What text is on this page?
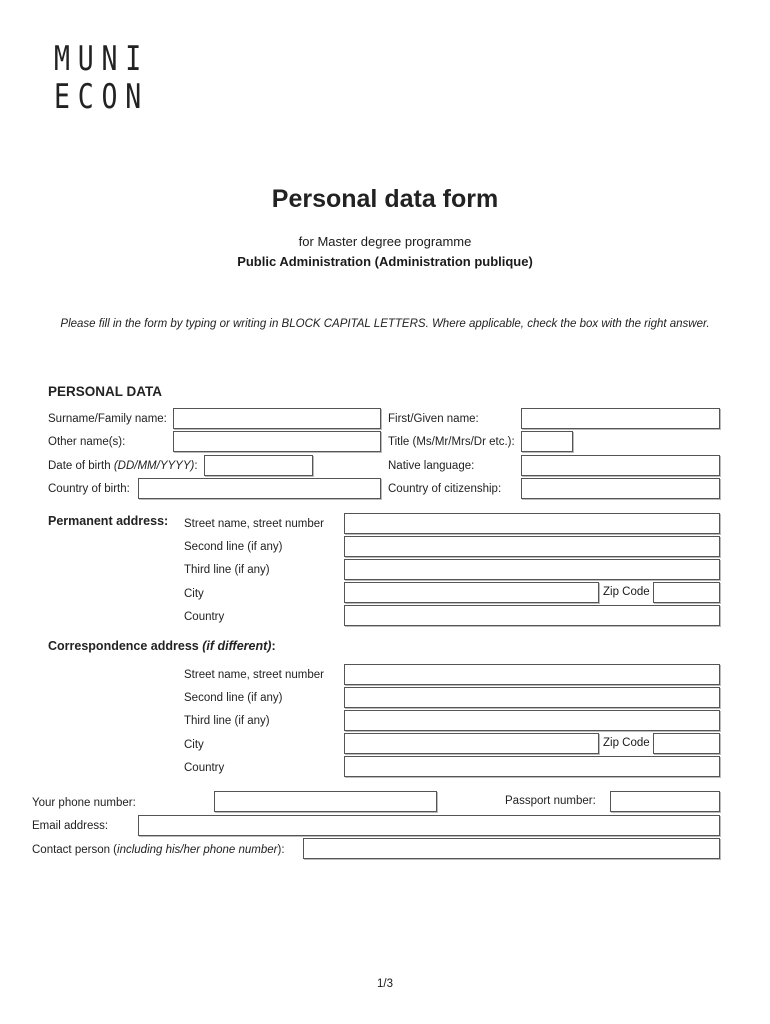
MUNI
ECON
Personal data form
for Master degree programme
Public Administration (Administration publique)
Please fill in the form by typing or writing in BLOCK CAPITAL LETTERS. Where applicable, check the box with the right answer.
PERSONAL DATA
Surname/Family name:	First/Given name:
Other name(s):	Title (Ms/Mr/Mrs/Dr etc.):
Date of birth (DD/MM/YYYY):	Native language:
Country of birth:	Country of citizenship:
Permanent address: Street name, street number
Second line (if any)
Third line (if any)
City	Zip Code
Country
Correspondence address (if different):
Street name, street number
Second line (if any)
Third line (if any)
City	Zip Code
Country
Your phone number:	Passport number:
Email address:
Contact person (including his/her phone number):
1/3
